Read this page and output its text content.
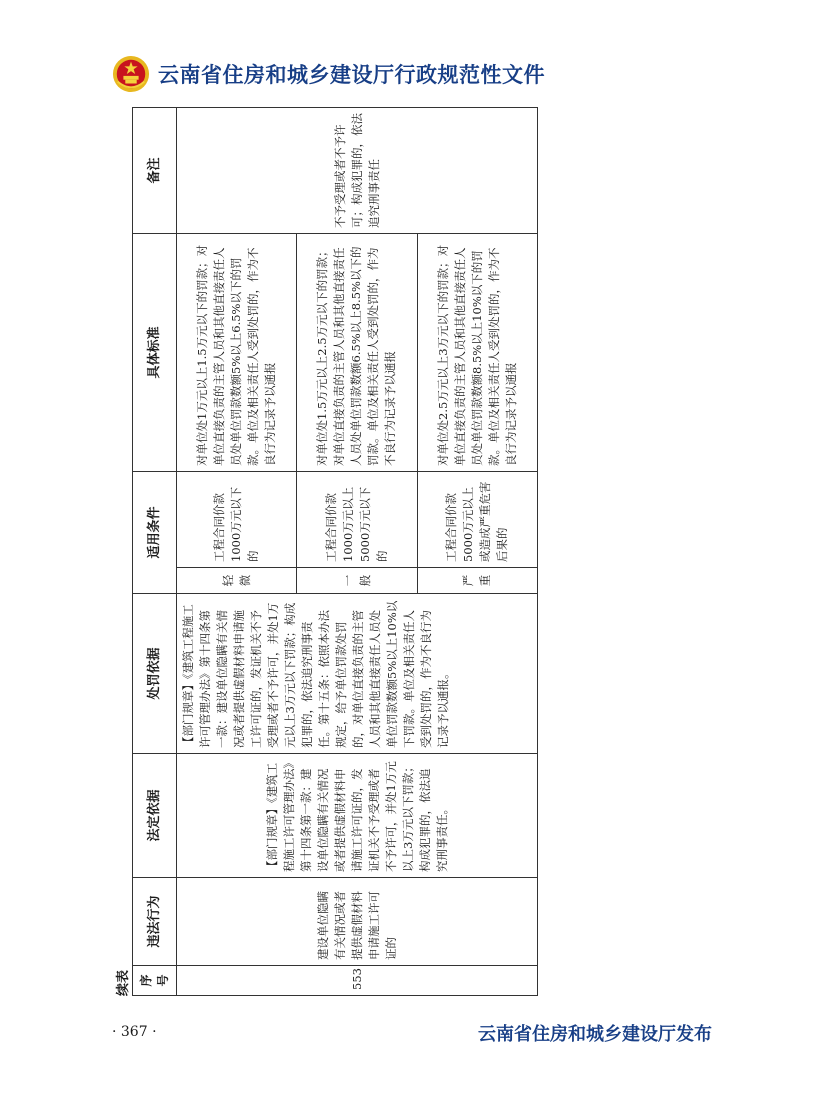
云南省住房和城乡建设厅行政规范性文件
续表 序号	违法行为	法定依据	处罚依据	适用条件		具体标准	备注
553	建设单位隐瞒有关情况或者提供虚假材料申请施工许可证的	【部门规章】《建筑工程施工许可管理办法》第十四条第一款：建设单位隐瞒有关情况或者提供虚假材料申请施工许可证的，发证机关不予受理或者不予许可，并处1万元以上3万元以下罚款；构成犯罪的，依法追究刑事责任。	【部门规章】《建筑工程施工许可管理办法》第十四条第一款：建设单位隐瞒有关情况或者提供虚假材料申请施工许可证的，发证机关不予受理或者不予许可，并处1万元以上3万元以下罚款；构成犯罪的，依法追究刑事责任。第十五条：依照本办法规定，给予单位罚款处罚的，对单位直接负责的主管人员和其他直接责任人员处单位罚款数额5%以上10%以下罚款。单位及相关责任人受到处罚的，作为不良行为记录予以通报。	轻微	工程合同价款1000万元以下的	对单位处1万元以上1.5万元以下的罚款；对单位直接负责的主管人员和其他直接责任人员处单位罚款数额5%以上6.5%以下的罚款。单位及相关责任人受到处罚的，作为不良行为记录予以通报	不予受理或者不予许可；构成犯罪的，依法追究刑事责任
				一般	工程合同价款1000万元以上5000万元以下的	对单位处1.5万元以上2.5万元以下的罚款；对单位直接负责的主管人员和其他直接责任人员处单位罚款数额6.5%以上8.5%以下的罚款。单位及相关责任人受到处罚的，作为不良行为记录予以通报	
				严重	工程合同价款5000万元以上或造成严重危害后果的	对单位处2.5万元以上3万元以下的罚款；对单位直接负责的主管人员和其他直接责任人员处单位罚款数额8.5%以上10%以下的罚款。单位及相关责任人受到处罚的，作为不良行为记录予以通报	
· 367 ·	云南省住房和城乡建设厅发布
